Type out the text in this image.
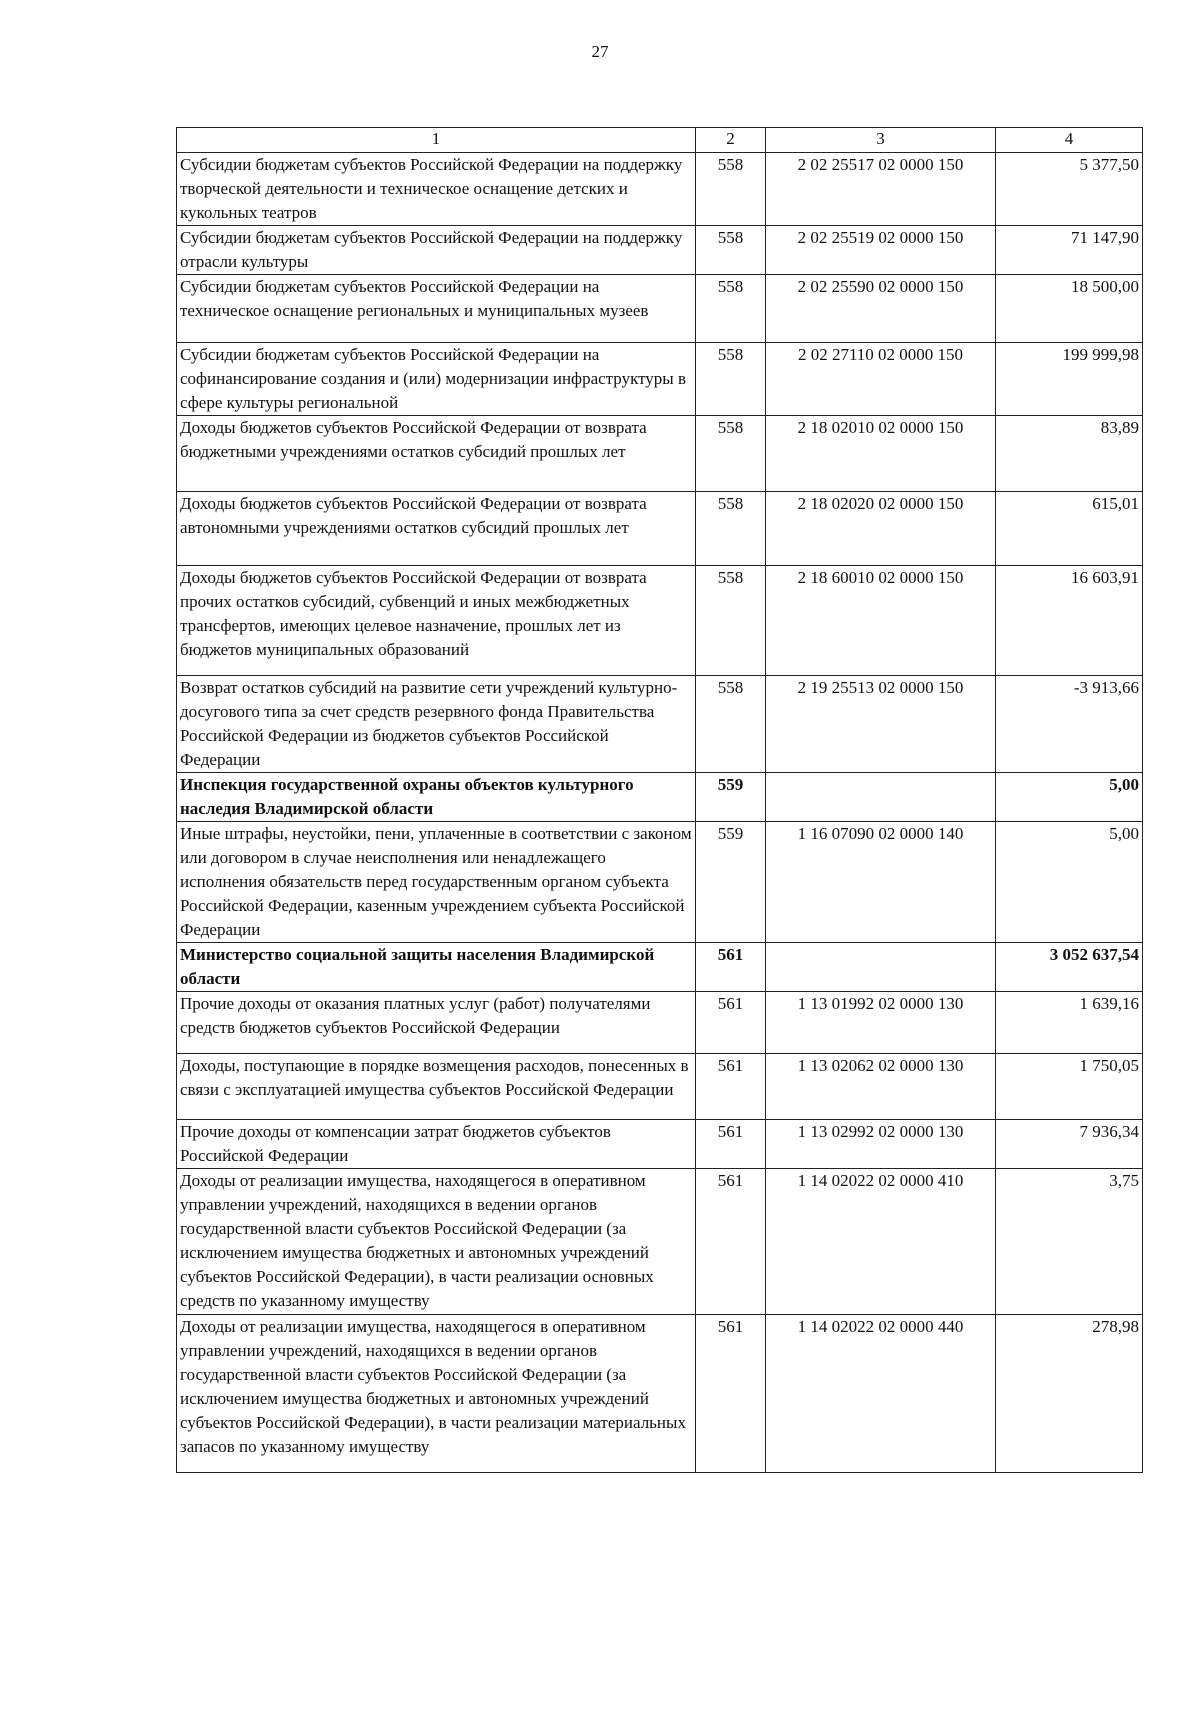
27
1	2	3	4
Субсидии бюджетам субъектов Российской Федерации на поддержку творческой деятельности и техническое оснащение детских и кукольных театров	558	2 02 25517 02 0000 150	5 377,50
Субсидии бюджетам субъектов Российской Федерации на поддержку отрасли культуры	558	2 02 25519 02 0000 150	71 147,90
Субсидии бюджетам субъектов Российской Федерации на техническое оснащение региональных и муниципальных музеев	558	2 02 25590 02 0000 150	18 500,00
Субсидии бюджетам субъектов Российской Федерации на софинансирование создания и (или) модернизации инфраструктуры в сфере культуры региональной	558	2 02 27110 02 0000 150	199 999,98
Доходы бюджетов субъектов Российской Федерации от возврата бюджетными учреждениями остатков субсидий прошлых лет	558	2 18 02010 02 0000 150	83,89
Доходы бюджетов субъектов Российской Федерации от возврата автономными учреждениями остатков субсидий прошлых лет	558	2 18 02020 02 0000 150	615,01
Доходы бюджетов субъектов Российской Федерации от возврата прочих остатков субсидий, субвенций и иных межбюджетных трансфертов, имеющих целевое назначение, прошлых лет из бюджетов муниципальных образований	558	2 18 60010 02 0000 150	16 603,91
Возврат остатков субсидий на развитие сети учреждений культурно-досугового типа за счет средств резервного фонда Правительства Российской Федерации из бюджетов субъектов Российской Федерации	558	2 19 25513 02 0000 150	-3 913,66
Инспекция государственной охраны объектов культурного наследия Владимирской области	559		5,00
Иные штрафы, неустойки, пени, уплаченные в соответствии с законом или договором в случае неисполнения или ненадлежащего исполнения обязательств перед государственным органом субъекта Российской Федерации, казенным учреждением субъекта Российской Федерации	559	1 16 07090 02 0000 140	5,00
Министерство социальной защиты населения Владимирской области	561		3 052 637,54
Прочие доходы от оказания платных услуг (работ) получателями средств бюджетов субъектов Российской Федерации	561	1 13 01992 02 0000 130	1 639,16
Доходы, поступающие в порядке возмещения расходов, понесенных в связи с эксплуатацией имущества субъектов Российской Федерации	561	1 13 02062 02 0000 130	1 750,05
Прочие доходы от компенсации затрат бюджетов субъектов Российской Федерации	561	1 13 02992 02 0000 130	7 936,34
Доходы от реализации имущества, находящегося в оперативном управлении учреждений, находящихся в ведении органов государственной власти субъектов Российской Федерации (за исключением имущества бюджетных и автономных учреждений субъектов Российской Федерации), в части реализации основных средств по указанному имуществу	561	1 14 02022 02 0000 410	3,75
Доходы от реализации имущества, находящегося в оперативном управлении учреждений, находящихся в ведении органов государственной власти субъектов Российской Федерации (за исключением имущества бюджетных и автономных учреждений субъектов Российской Федерации), в части реализации материальных запасов по указанному имуществу	561	1 14 02022 02 0000 440	278,98
